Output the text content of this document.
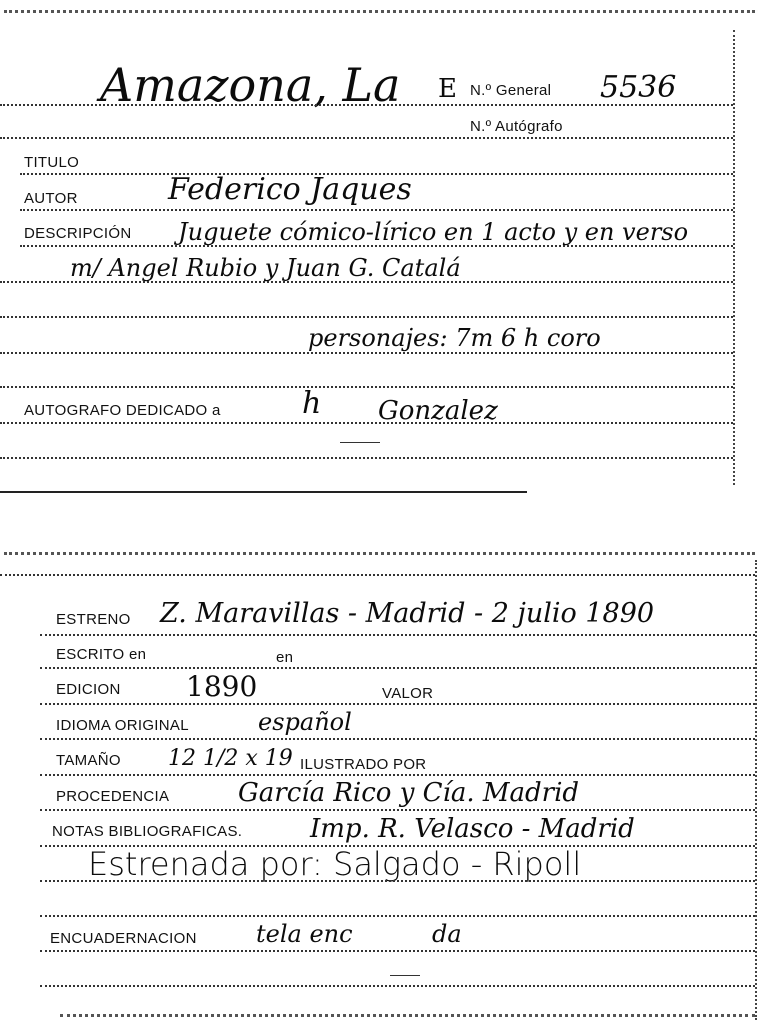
Amazona, La E N.º General 5536
N.º Autógrafo
TITULO
AUTOR	Federico Jaques
DESCRIPCIÓN Juguete cómico-lírico en 1 acto y en verso
m/ Angel Rubio y Juan G. Catalá
personajes: 7m 6 h coro
AUTOGRAFO DEDICADO a	h Gonzalez
ESTRENO Z. Maravillas - Madrid - 2 julio 1890
ESCRITO en	en
EDICION 1890	VALOR
IDIOMA ORIGINAL	español
TAMAÑO 12 1/2 x 19 ILUSTRADO POR
PROCEDENCIA	García Rico y Cía. Madrid
NOTAS BIBLIOGRAFICAS.	Imp. R. Velasco - Madrid
Estrenada por: Salgado - Ripoll
ENCUADERNACION tela enc	da
